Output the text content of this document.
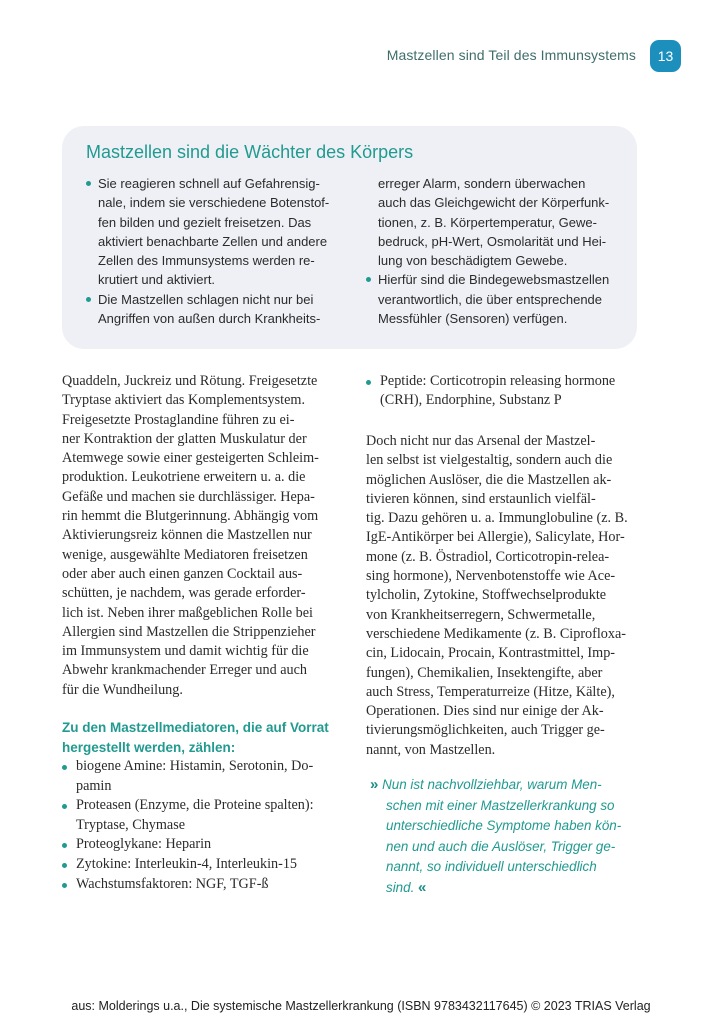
Mastzellen sind Teil des Immunsystems	13
Mastzellen sind die Wächter des Körpers
Sie reagieren schnell auf Gefahrensig-
nale, indem sie verschiedene Botenstof-
fen bilden und gezielt freisetzen. Das
aktiviert benachbarte Zellen und andere
Zellen des Immunsystems werden re-
krutiert und aktiviert.
Die Mastzellen schlagen nicht nur bei
Angriffen von außen durch Krankheits-
erreger Alarm, sondern überwachen
auch das Gleichgewicht der Körperfunk-
tionen, z. B. Körpertemperatur, Gewe-
bedruck, pH-Wert, Osmolarität und Hei-
lung von beschädigtem Gewebe.
Hierfür sind die Bindegewebsmastzellen
verantwortlich, die über entsprechende
Messfühler (Sensoren) verfügen.
Quaddeln, Juckreiz und Rötung. Freigesetzte
Tryptase aktiviert das Komplementsystem.
Freigesetzte Prostaglandine führen zu ei-
ner Kontraktion der glatten Muskulatur der
Atemwege sowie einer gesteigerten Schleim-
produktion. Leukotriene erweitern u. a. die
Gefäße und machen sie durchlässiger. Hepa-
rin hemmt die Blutgerinnung. Abhängig vom
Aktivierungsreiz können die Mastzellen nur
wenige, ausgewählte Mediatoren freisetzen
oder aber auch einen ganzen Cocktail aus-
schütten, je nachdem, was gerade erforder-
lich ist. Neben ihrer maßgeblichen Rolle bei
Allergien sind Mastzellen die Strippenzieher
im Immunsystem und damit wichtig für die
Abwehr krankmachender Erreger und auch
für die Wundheilung.
Zu den Mastzellmediatoren, die auf Vorrat
hergestellt werden, zählen:
biogene Amine: Histamin, Serotonin, Do-
pamin
Proteasen (Enzyme, die Proteine spalten):
Tryptase, Chymase
Proteoglykane: Heparin
Zytokine: Interleukin-4, Interleukin-15
Wachstumsfaktoren: NGF, TGF-ß
Peptide: Corticotropin releasing hormone
(CRH), Endorphine, Substanz P
Doch nicht nur das Arsenal der Mastzel-
len selbst ist vielgestaltig, sondern auch die
möglichen Auslöser, die die Mastzellen ak-
tivieren können, sind erstaunlich vielfäl-
tig. Dazu gehören u. a. Immunglobuline (z. B.
IgE-Antikörper bei Allergie), Salicylate, Hor-
mone (z. B. Östradiol, Corticotropin-relea-
sing hormone), Nervenbotenstoffe wie Ace-
tylcholin, Zytokine, Stoffwechselprodukte
von Krankheitserregern, Schwermetalle,
verschiedene Medikamente (z. B. Ciprofloxa-
cin, Lidocain, Procain, Kontrastmittel, Imp-
fungen), Chemikalien, Insektengifte, aber
auch Stress, Temperaturreize (Hitze, Kälte),
Operationen. Dies sind nur einige der Ak-
tivierungsmöglichkeiten, auch Trigger ge-
nannt, von Mastzellen.
» Nun ist nachvollziehbar, warum Men-
schen mit einer Mastzellerkrankung so
unterschiedliche Symptome haben kön-
nen und auch die Auslöser, Trigger ge-
nannt, so individuell unterschiedlich
sind. «
aus: Molderings u.a., Die systemische Mastzellerkrankung (ISBN 9783432117645) © 2023 TRIAS Verlag
